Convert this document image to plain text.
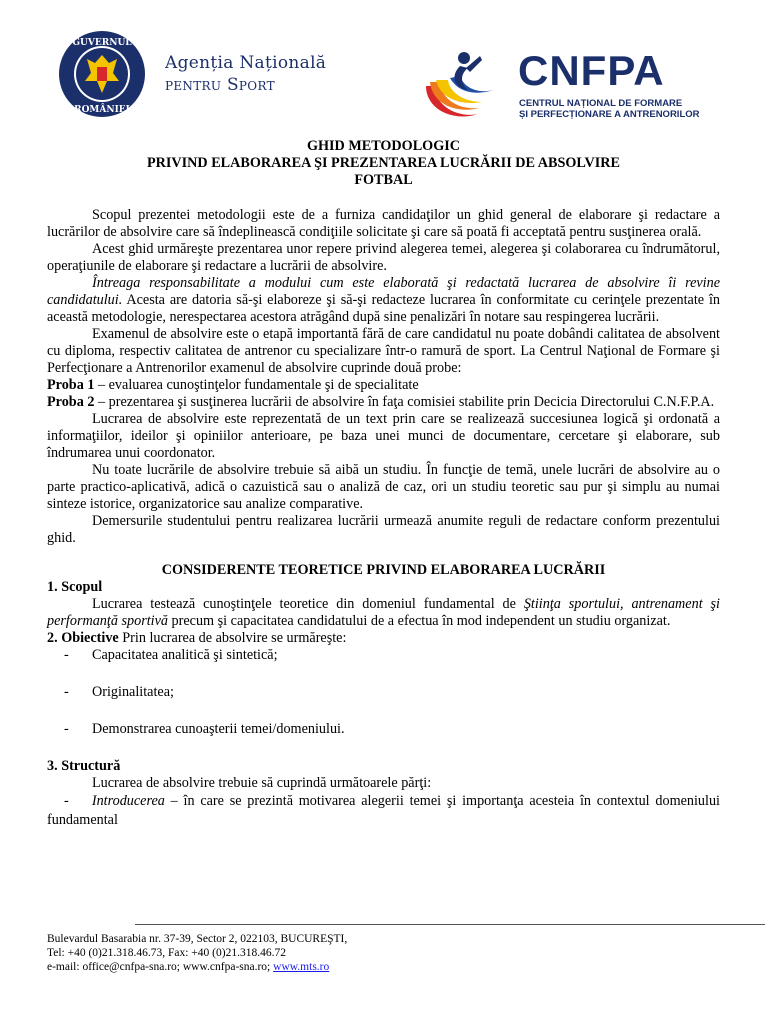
GUVERNUL
ROMÂNIEI
Agenția Națională
pentru Sport	CNFPA
CENTRUL NAȚIONAL DE FORMARE
ȘI PERFECȚIONARE A ANTRENORILOR
GHID METODOLOGIC
PRIVIND ELABORAREA ŞI PREZENTAREA LUCRĂRII DE ABSOLVIRE
FOTBAL

Scopul prezentei metodologii este de a furniza candidaţilor un ghid general de elaborare şi redactare a lucrărilor de absolvire care să îndeplinească condiţiile solicitate şi care să poată fi acceptată pentru susţinerea orală.

Acest ghid urmăreşte prezentarea unor repere privind alegerea temei, alegerea şi colaborarea cu îndrumătorul, operaţiunile de elaborare şi redactare a lucrării de absolvire.

Întreaga responsabilitate a modului cum este elaborată şi redactată lucrarea de absolvire îi revine candidatului. Acesta are datoria să-şi elaboreze şi să-şi redacteze lucrarea în conformitate cu cerinţele prezentate în această metodologie, nerespectarea acestora atrăgând după sine penalizări în notare sau respingerea lucrării.

Examenul de absolvire este o etapă importantă fără de care candidatul nu poate dobândi calitatea de absolvent cu diploma, respectiv calitatea de antrenor cu specializare într-o ramură de sport. La Centrul Naţional de Formare şi Perfecţionare a Antrenorilor examenul de absolvire cuprinde două probe:

Proba 1 – evaluarea cunoştinţelor fundamentale şi de specialitate

Proba 2 – prezentarea şi susţinerea lucrării de absolvire în faţa comisiei stabilite prin Decicia Directorului C.N.F.P.A.

Lucrarea de absolvire este reprezentată de un text prin care se realizează succesiunea logică şi ordonată a informaţiilor, ideilor şi opiniilor anterioare, pe baza unei munci de documentare, cercetare şi elaborare, sub îndrumarea unui coordonator.

Nu toate lucrările de absolvire trebuie să aibă un studiu. În funcţie de temă, unele lucrări de absolvire au o parte practico-aplicativă, adică o cazuistică sau o analiză de caz, ori un studiu teoretic sau pur şi simplu au numai sinteze istorice, organizatorice sau analize comparative.

Demersurile studentului pentru realizarea lucrării urmează anumite reguli de redactare conform prezentului ghid.

CONSIDERENTE TEORETICE PRIVIND ELABORAREA LUCRĂRII
1. Scopul

Lucrarea testează cunoştinţele teoretice din domeniul fundamental de Ştiinţa sportului, antrenament şi performanţă sportivă precum şi capacitatea candidatului de a efectua în mod independent un studiu organizat.

2. Obiective Prin lucrarea de absolvire se urmăreşte:

- Capacitatea analitică şi sintetică;
- Originalitatea;
- Demonstrarea cunoaşterii temei/domeniului.
3. Structură

Lucrarea de absolvire trebuie să cuprindă următoarele părţi:

- Introducerea – în care se prezintă motivarea alegerii temei şi importanţa acesteia în contextul domeniului fundamental

Bulevardul Basarabia nr. 37-39, Sector 2, 022103, BUCUREŞTI,
Tel: +40 (0)21.318.46.73, Fax: +40 (0)21.318.46.72
e-mail: office@cnfpa-sna.ro; www.cnfpa-sna.ro; www.mts.ro
